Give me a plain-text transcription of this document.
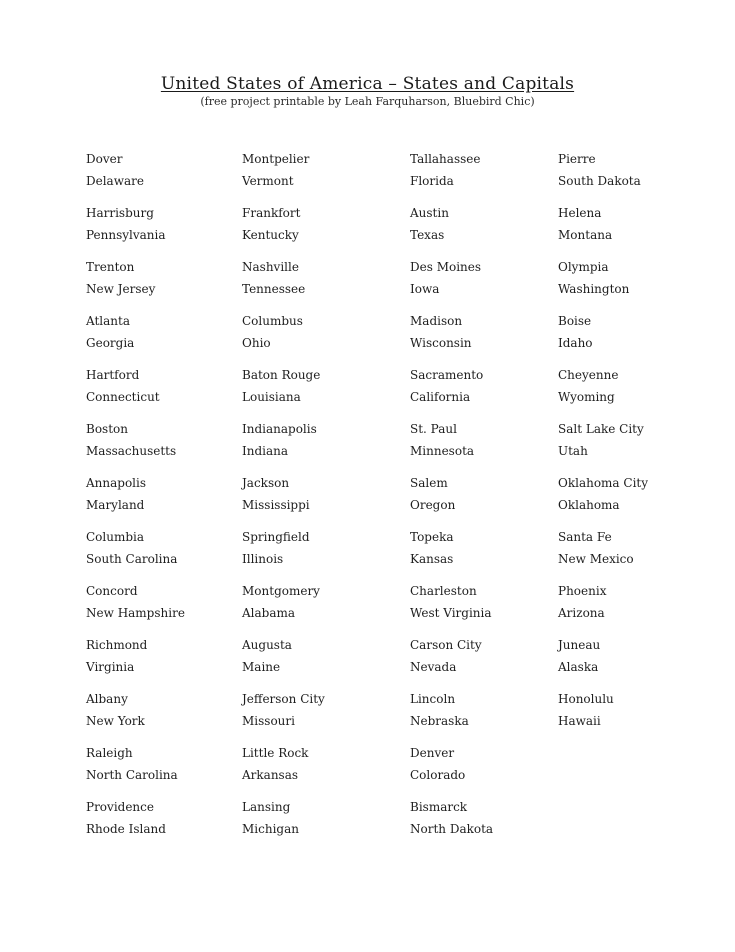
United States of America – States and Capitals
(free project printable by Leah Farquharson, Bluebird Chic)
Dover
Delaware
Harrisburg
Pennsylvania
Trenton
New Jersey
Atlanta
Georgia
Hartford
Connecticut
Boston
Massachusetts
Annapolis
Maryland
Columbia
South Carolina
Concord
New Hampshire
Richmond
Virginia
Albany
New York
Raleigh
North Carolina
Providence
Rhode Island
Montpelier
Vermont
Frankfort
Kentucky
Nashville
Tennessee
Columbus
Ohio
Baton Rouge
Louisiana
Indianapolis
Indiana
Jackson
Mississippi
Springfield
Illinois
Montgomery
Alabama
Augusta
Maine
Jefferson City
Missouri
Little Rock
Arkansas
Lansing
Michigan
Tallahassee
Florida
Austin
Texas
Des Moines
Iowa
Madison
Wisconsin
Sacramento
California
St. Paul
Minnesota
Salem
Oregon
Topeka
Kansas
Charleston
West Virginia
Carson City
Nevada
Lincoln
Nebraska
Denver
Colorado
Bismarck
North Dakota
Pierre
South Dakota
Helena
Montana
Olympia
Washington
Boise
Idaho
Cheyenne
Wyoming
Salt Lake City
Utah
Oklahoma City
Oklahoma
Santa Fe
New Mexico
Phoenix
Arizona
Juneau
Alaska
Honolulu
Hawaii
